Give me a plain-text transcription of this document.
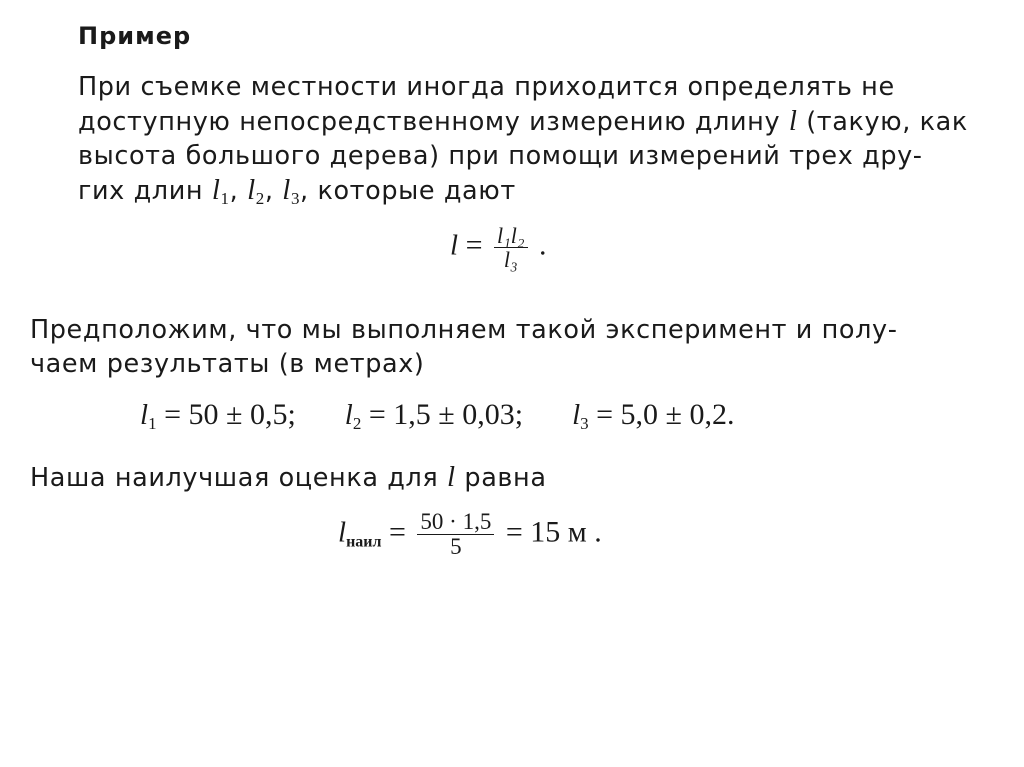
Пример
При съемке местности иногда приходится определять не
доступную непосредственному измерению длину l (такую, как
высота большого дерева) при помощи измерений трех дру-
гих длин $l_1$, $l_2$, $l_3$, которые дают
$l = \frac{\text{l₁l₂}}{\text{l₃}}$ .
Предположим, что мы выполняем такой эксперимент и полу-
чаем результаты (в метрах)
$l_1 = 50 \pm 0,5$; $l_2 = 1,5 \pm 0,03$; $l_3 = 5,0 \pm 0,2$.
Наша наилучшая оценка для l равна
$l_{наил} = \frac{50 \cdot 1,5}{5} = 15$ м .
